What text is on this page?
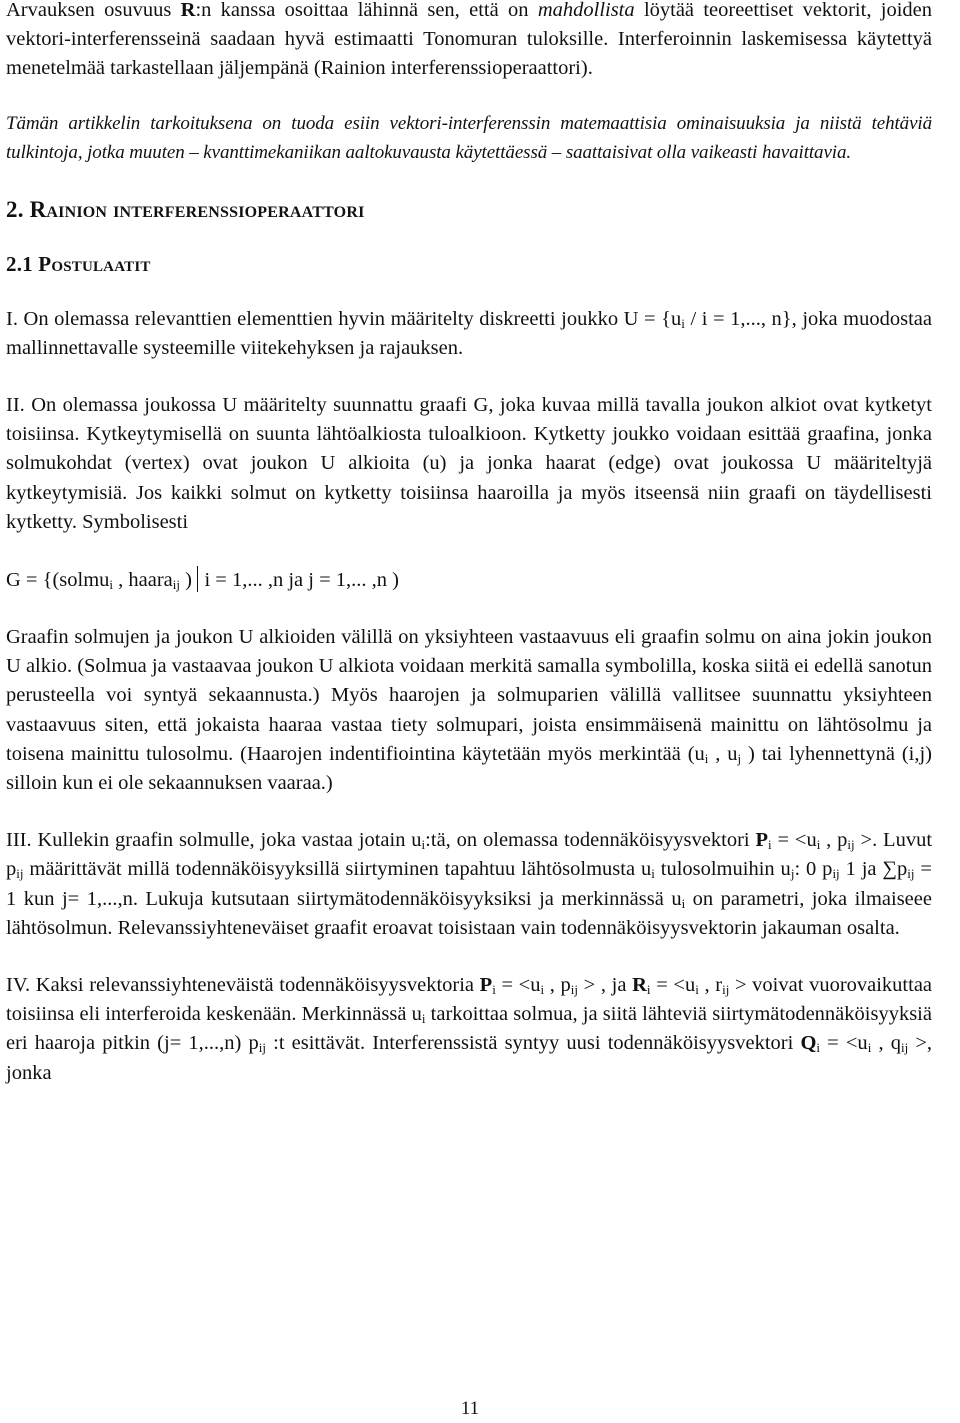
Arvauksen osuvuus R:n kanssa osoittaa lähinnä sen, että on mahdollista löytää teoreettiset vektorit, joiden vektori-interferensseinä saadaan hyvä estimaatti Tonomuran tuloksille. Interferoinnin laskemisessa käytettyä menetelmää tarkastellaan jäljempänä (Rainion interferenssioperaattori).

Tämän artikkelin tarkoituksena on tuoda esiin vektori-interferenssin matemaattisia ominaisuuksia ja niistä tehtäviä tulkintoja, jotka muuten – kvanttimekaniikan aaltokuvausta käytettäessä – saattaisivat olla vaikeasti havaittavia.

2. Rainion interferenssioperaattori
2.1 Postulaatit

I. On olemassa relevanttien elementtien hyvin määritelty diskreetti joukko $U = \{u_i / i = 1$,..., n}, joka muodostaa mallinnettavalle systeemille viitekehyksen ja rajauksen.

II. On olemassa joukossa U määritelty suunnattu graafi G, joka kuvaa millä tavalla joukon alkiot ovat kytketyt toisiinsa. Kytkeytymisellä on suunta lähtöalkiosta tuloalkioon. Kytketty joukko voidaan esittää graafina, jonka solmukohdat (vertex) ovat joukon U alkioita (u) ja jonka haarat (edge) ovat joukossa U määriteltyjä kytkeytymisiä. Jos kaikki solmut on kytketty toisiinsa haaroilla ja myös itseensä niin graafi on täydellisesti kytketty. Symbolisesti

G = {(solmu$_i$ , haara$_{ij}$ ) i = 1,... ,n ja j = 1,... ,n )

Graafin solmujen ja joukon U alkioiden välillä on yksiyhteen vastaavuus eli graafin solmu on aina jokin joukon U alkio. (Solmua ja vastaavaa joukon U alkiota voidaan merkitä samalla symbolilla, koska siitä ei edellä sanotun perusteella voi syntyä sekaannusta.) Myös haarojen ja solmuparien välillä vallitsee suunnattu yksiyhteen vastaavuus siten, että jokaista haaraa vastaa tiety solmupari, joista ensimmäisenä mainittu on lähtösolmu ja toisena mainittu tulosolmu. (Haarojen indentifiointina käytetään myös merkintää ($u_i$ , $u_j$ ) tai lyhennettynä (i,j) silloin kun ei ole sekaannuksen vaaraa.)

III. Kullekin graafin solmulle, joka vastaa jotain $u_i:tä$, on olemassa todennäköisyysvektori $P_i = <u_i$ , $p_{ij}$ >. Luvut $p_{ij}$ määrittävät millä todennäköisyyksillä siirtyminen tapahtuu lähtösolmusta $u_i$ tulosolmuihin $u_j$: 0 $p_{ij}$ 1 ja $\sum p_{ij} = 1$ kun j= 1,...,n. Lukuja kutsutaan siirtymätodennäköisyyksiksi ja merkinnässä $u_i$ on parametri, joka ilmaiseee lähtösolmun. Relevanssiyhteneväiset graafit eroavat toisistaan vain todennäköisyysvektorin jakauman osalta.

IV. Kaksi relevanssiyhteneväistä todennäköisyysvektoria $P_i = <u_i$ , $p_{ij}$ > , ja $R_i = <u_i$ , $r_{ij}$ > voivat vuorovaikuttaa toisiinsa eli interferoida keskenään. Merkinnässä $u_i$ tarkoittaa solmua, ja siitä lähteviä siirtymätodennäköisyyksiä eri haaroja pitkin (j= 1,...,n) $p_{ij}$ :t esittävät. Interferenssistä syntyy uusi todennäköisyysvektori $Q_i = <u_i$ , $q_{ij}$ >, jonka

11
